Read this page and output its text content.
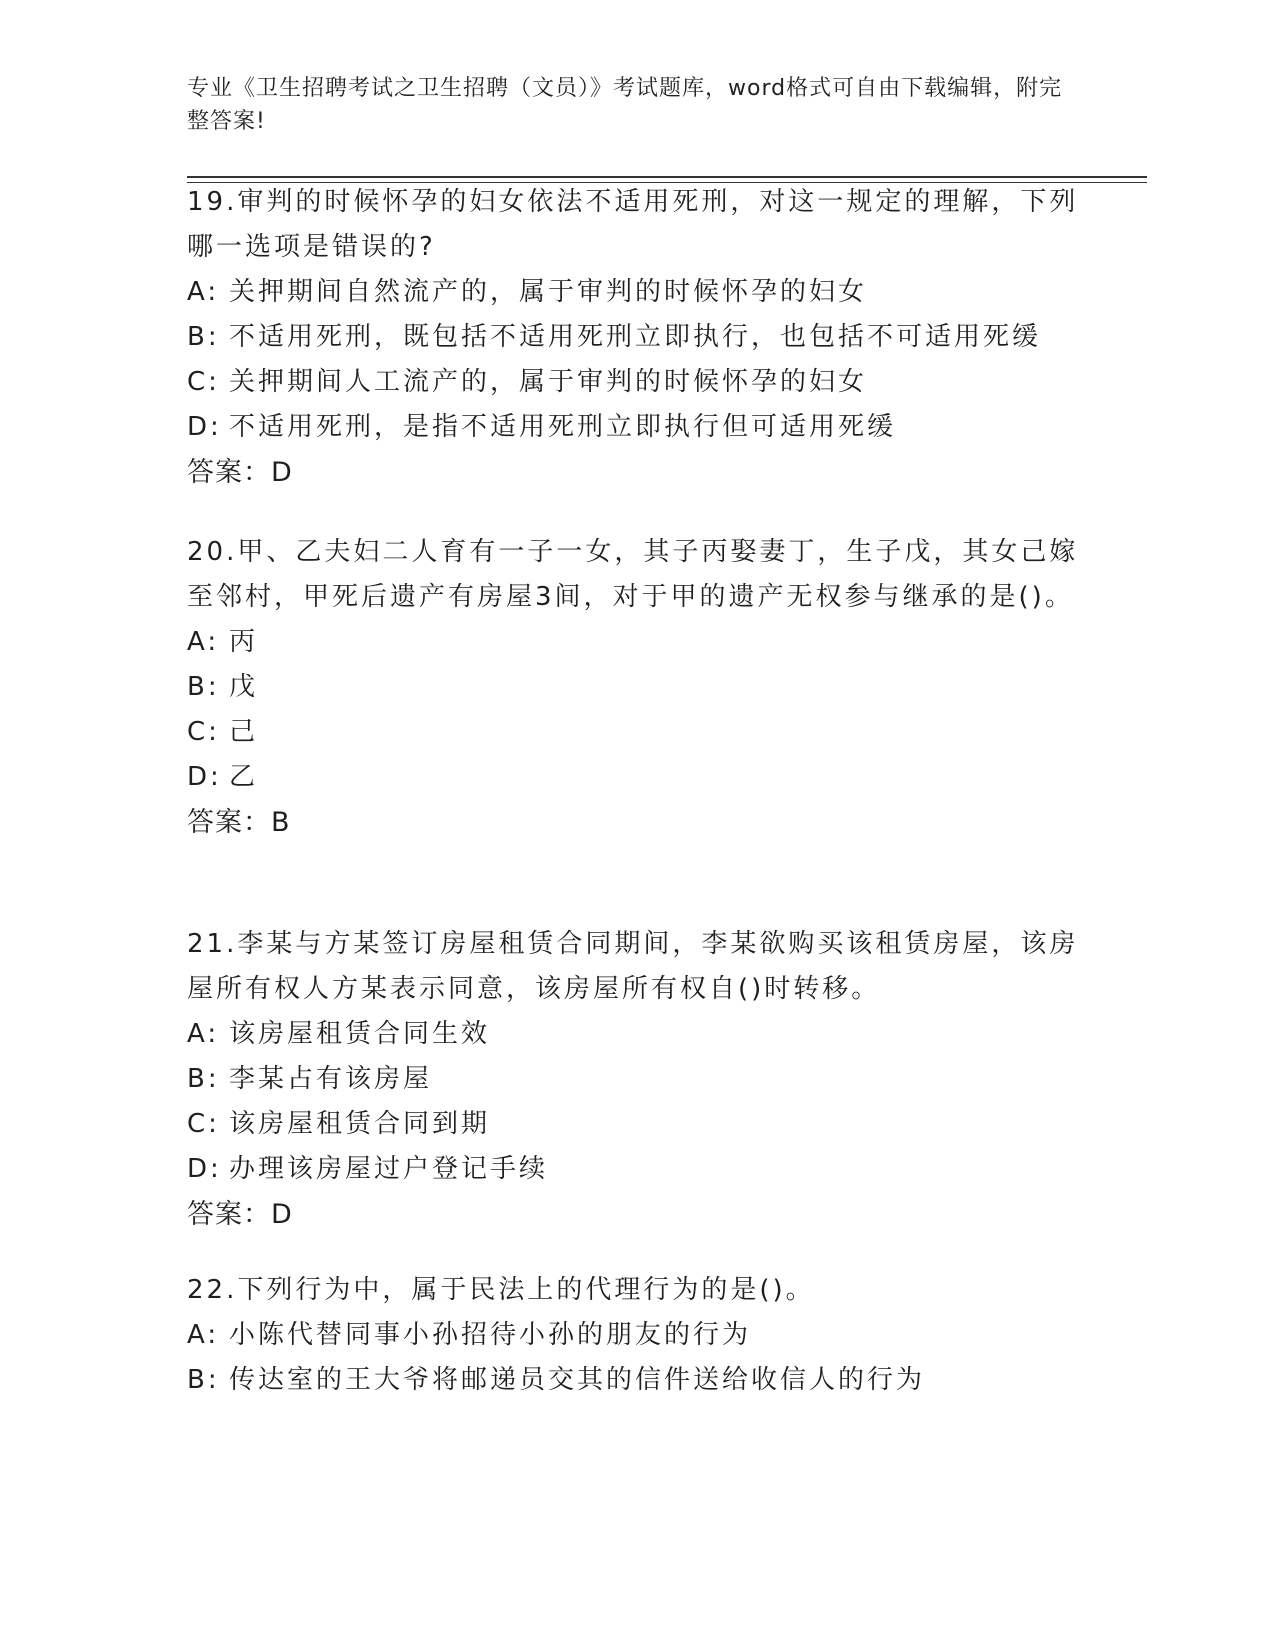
专业《卫生招聘考试之卫生招聘（文员）》考试题库，word格式可自由下载编辑，附完整答案!

19.审判的时候怀孕的妇女依法不适用死刑，对这一规定的理解，下列哪一选项是错误的?

A: 关押期间自然流产的，属于审判的时候怀孕的妇女
B: 不适用死刑，既包括不适用死刑立即执行，也包括不可适用死缓
C: 关押期间人工流产的，属于审判的时候怀孕的妇女
D: 不适用死刑，是指不适用死刑立即执行但可适用死缓

答案：D

20.甲、乙夫妇二人育有一子一女，其子丙娶妻丁，生子戊，其女己嫁至邻村，甲死后遗产有房屋3间，对于甲的遗产无权参与继承的是()。

A: 丙
B: 戊
C: 己
D: 乙

答案：B

21.李某与方某签订房屋租赁合同期间，李某欲购买该租赁房屋，该房屋所有权人方某表示同意，该房屋所有权自()时转移。

A: 该房屋租赁合同生效
B: 李某占有该房屋
C: 该房屋租赁合同到期
D: 办理该房屋过户登记手续

答案：D

22.下列行为中，属于民法上的代理行为的是()。

A: 小陈代替同事小孙招待小孙的朋友的行为
B: 传达室的王大爷将邮递员交其的信件送给收信人的行为
